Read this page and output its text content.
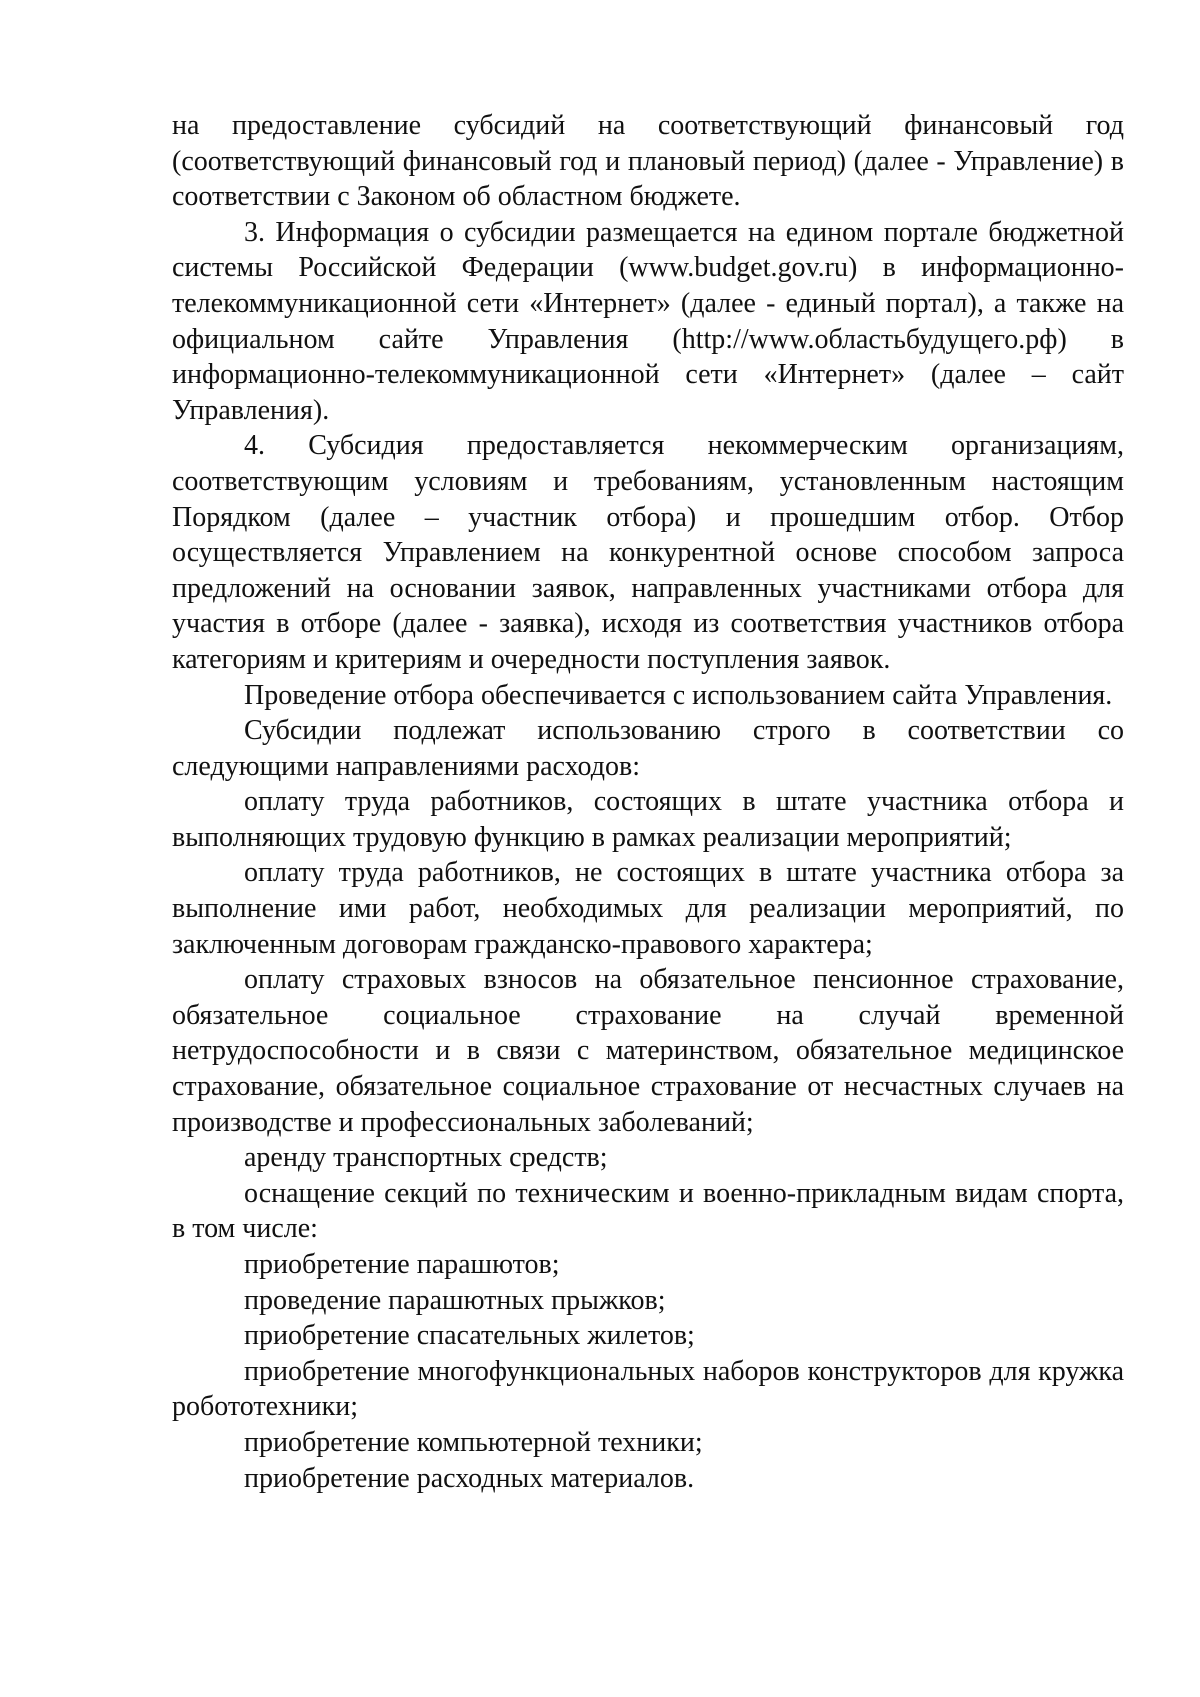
на предоставление субсидий на соответствующий финансовый год (соответствующий финансовый год и плановый период) (далее - Управление) в соответствии с Законом об областном бюджете.

3. Информация о субсидии размещается на едином портале бюджетной системы Российской Федерации (www.budget.gov.ru) в информационно-телекоммуникационной сети «Интернет» (далее - единый портал), а также на официальном сайте Управления (http://www.областьбудущего.рф) в информационно-телекоммуникационной сети «Интернет» (далее – сайт Управления).

4. Субсидия предоставляется некоммерческим организациям, соответствующим условиям и требованиям, установленным настоящим Порядком (далее – участник отбора) и прошедшим отбор. Отбор осуществляется Управлением на конкурентной основе способом запроса предложений на основании заявок, направленных участниками отбора для участия в отборе (далее - заявка), исходя из соответствия участников отбора категориям и критериям и очередности поступления заявок.

Проведение отбора обеспечивается с использованием сайта Управления.

Субсидии подлежат использованию строго в соответствии со следующими направлениями расходов:

оплату труда работников, состоящих в штате участника отбора и выполняющих трудовую функцию в рамках реализации мероприятий;

оплату труда работников, не состоящих в штате участника отбора за выполнение ими работ, необходимых для реализации мероприятий, по заключенным договорам гражданско-правового характера;

оплату страховых взносов на обязательное пенсионное страхование, обязательное социальное страхование на случай временной нетрудоспособности и в связи с материнством, обязательное медицинское страхование, обязательное социальное страхование от несчастных случаев на производстве и профессиональных заболеваний;

аренду транспортных средств;

оснащение секций по техническим и военно-прикладным видам спорта, в том числе:

приобретение парашютов;

проведение парашютных прыжков;

приобретение спасательных жилетов;

приобретение многофункциональных наборов конструкторов для кружка робототехники;

приобретение компьютерной техники;

приобретение расходных материалов.
